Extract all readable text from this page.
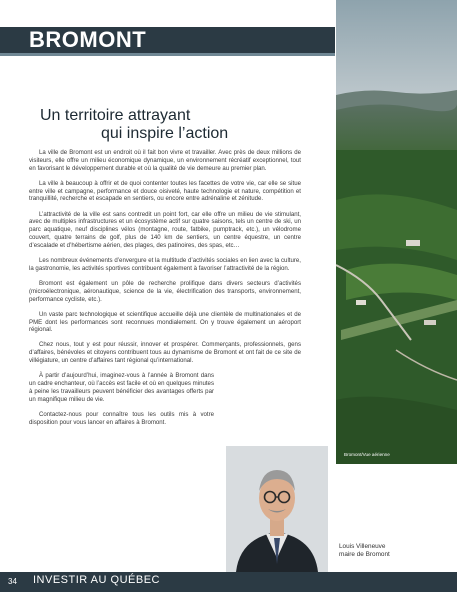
BROMONT
Bromont/Vue aérienne
Un territoire attrayant
qui inspire l’action

La ville de Bromont est un endroit où il fait bon vivre et travailler. Avec près de deux millions de visiteurs, elle offre un milieu économique dynamique, un environnement récréatif exceptionnel, tout en favorisant le développement durable et où la qualité de vie demeure au premier plan.

La ville à beaucoup à offrir et de quoi contenter toutes les facettes de votre vie, car elle se situe entre ville et campagne, performance et douce oisiveté, haute technologie et nature, compétition et tranquillité, recherche et escapade en sentiers, ou encore entre adrénaline et zénitude.

L’attractivité de la ville est sans contredit un point fort, car elle offre un milieu de vie stimulant, avec de multiples infrastructures et un écosystème actif sur quatre saisons, tels un centre de ski, un parc aquatique, neuf disciplines vélos (montagne, route, fatbike, pumptrack, etc.), un vélodrome couvert, quatre terrains de golf, plus de 140 km de sentiers, un centre équestre, un centre d’escalade et d’hébertisme aérien, des plages, des patinoires, des spas, etc…

Les nombreux événements d’envergure et la multitude d’activités sociales en lien avec la culture, la gastronomie, les activités sportives contribuent également à favoriser l’attractivité de la région.

Bromont est également un pôle de recherche prolifique dans divers secteurs d’activités (microélectronique, aéronautique, science de la vie, électrification des transports, environnement, performance cycliste, etc.).

Un vaste parc technologique et scientifique accueille déjà une clientèle de multinationales et de PME dont les performances sont reconnues mondialement. On y trouve également un aéroport régional.

Chez nous, tout y est pour réussir, innover et prospérer. Commerçants, professionnels, gens d’affaires, bénévoles et citoyens contribuent tous au dynamisme de Bromont et ont fait de ce site de villégiature, un centre d’affaires tant régional qu’international.

À partir d’aujourd’hui, imaginez-vous à l’année à Bromont dans un cadre enchanteur, où l’accès est facile et où en quelques minutes à peine les travailleurs peuvent bénéficier des avantages offerts par un magnifique milieu de vie.

Contactez-nous pour connaître tous les outils mis à votre disposition pour vous lancer en affaires à Bromont.

Louis Villeneuve
maire de Bromont
34 INVESTIR AU QUÉBEC
